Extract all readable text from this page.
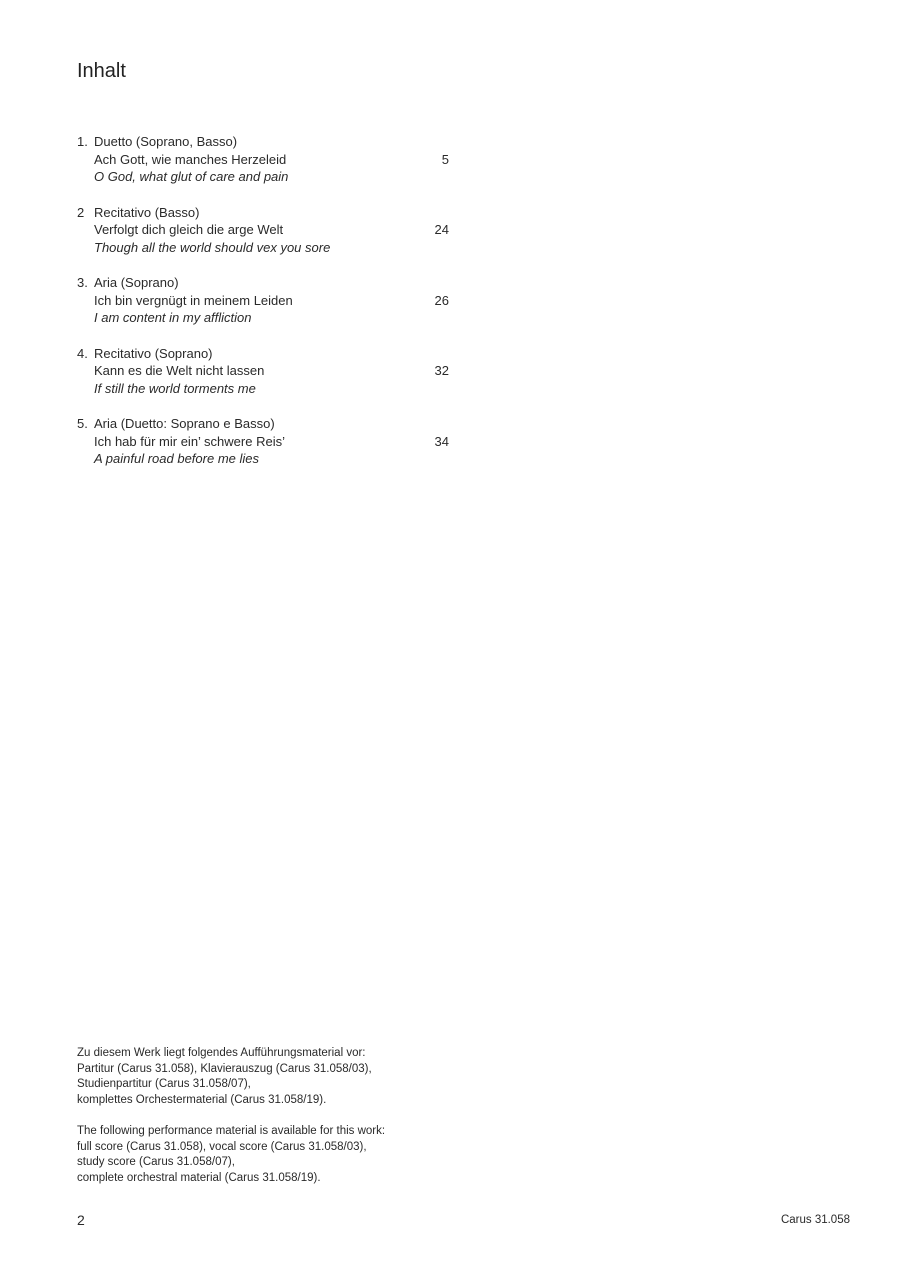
Inhalt
1. Duetto (Soprano, Basso)
Ach Gott, wie manches Herzeleid
O God, what glut of care and pain
5
2 Recitativo (Basso)
Verfolgt dich gleich die arge Welt
Though all the world should vex you sore
24
3. Aria (Soprano)
Ich bin vergnügt in meinem Leiden
I am content in my affliction
26
4. Recitativo (Soprano)
Kann es die Welt nicht lassen
If still the world torments me
32
5. Aria (Duetto: Soprano e Basso)
Ich hab für mir ein’ schwere Reis’
A painful road before me lies
34
Zu diesem Werk liegt folgendes Aufführungsmaterial vor:
Partitur (Carus 31.058), Klavierauszug (Carus 31.058/03),
Studienpartitur (Carus 31.058/07),
komplettes Orchestermaterial (Carus 31.058/19).
The following performance material is available for this work:
full score (Carus 31.058), vocal score (Carus 31.058/03),
study score (Carus 31.058/07),
complete orchestral material (Carus 31.058/19).
2	Carus 31.058
